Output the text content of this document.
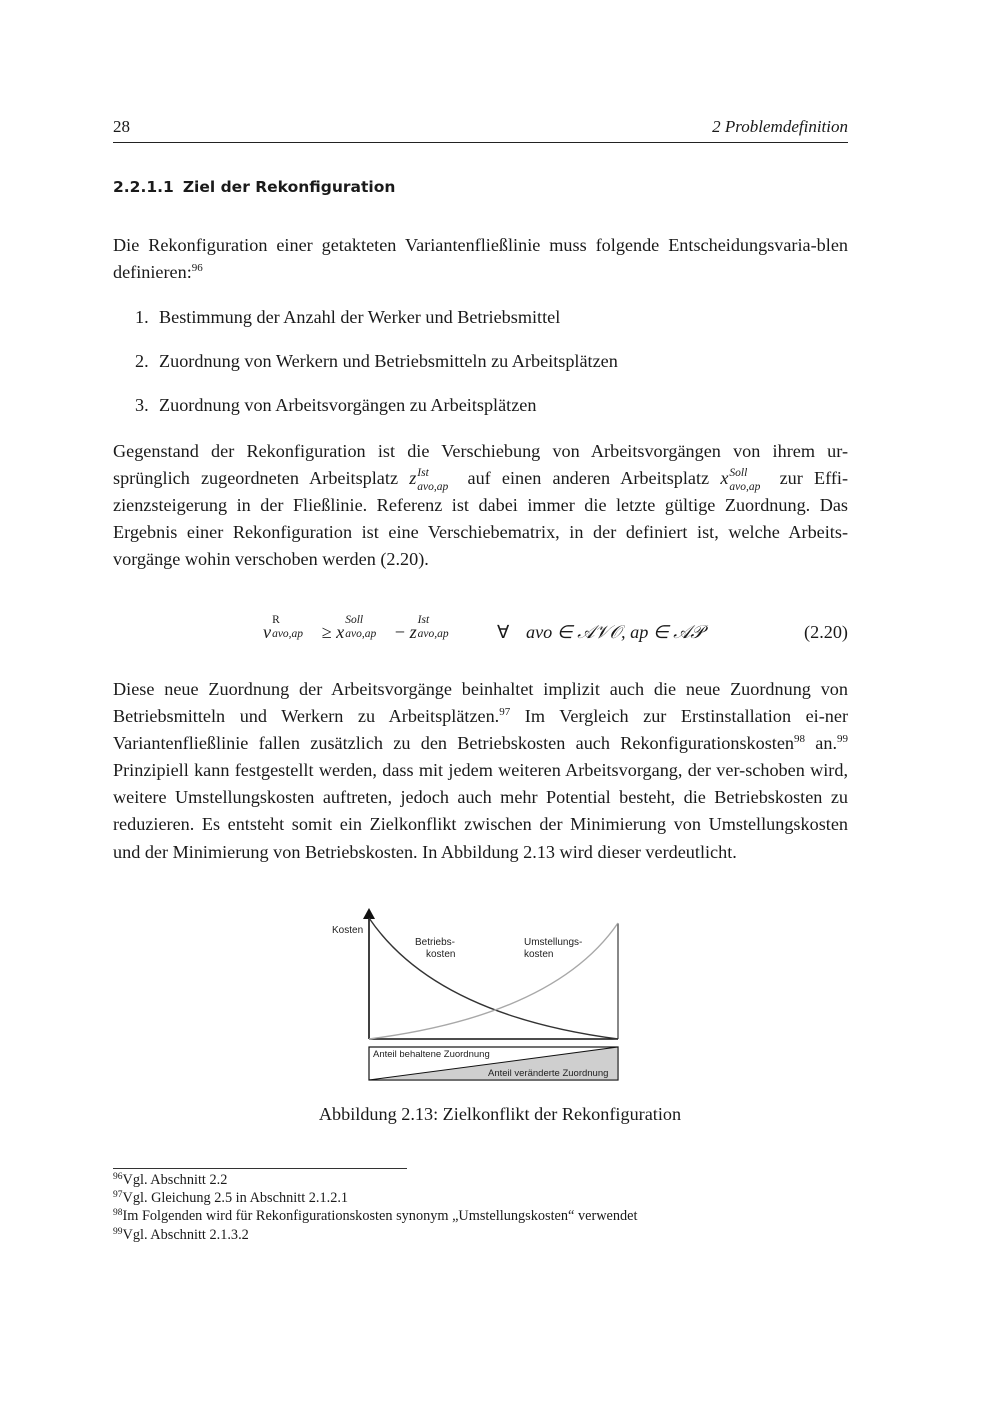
28	2 Problemdefinition
2.2.1.1 Ziel der Rekonfiguration
Die Rekonfiguration einer getakteten Variantenfließlinie muss folgende Entscheidungsvaria-blen definieren:$^{96}$
1. Bestimmung der Anzahl der Werker und Betriebsmittel
2. Zuordnung von Werkern und Betriebsmitteln zu Arbeitsplätzen
3. Zuordnung von Arbeitsvorgängen zu Arbeitsplätzen
Gegenstand der Rekonfiguration ist die Verschiebung von Arbeitsvorgängen von ihrem ur-sprünglich zugeordneten Arbeitsplatz z Ist
avo,ap auf einen anderen Arbeitsplatz x Soll
avo,ap zur Effi-zienzsteigerung in der Fließlinie. Referenz ist dabei immer die letzte gültige Zuordnung. Das Ergebnis einer Rekonfiguration ist eine Verschiebematrix, in der definiert ist, welche Arbeits-vorgänge wohin verschoben werden (2.20).
v
R
avo,ap ≥ x
Soll
avo,ap − z
Ist
avo,ap	∀ avo ∈ 𝒜𝒱𝒪, ap ∈ 𝒜𝒫	(2.20)
Diese neue Zuordnung der Arbeitsvorgänge beinhaltet implizit auch die neue Zuordnung von Betriebsmitteln und Werkern zu Arbeitsplätzen.$^{97}$ Im Vergleich zur Erstinstallation ei-ner Variantenfließlinie fallen zusätzlich zu den Betriebskosten auch Rekonfigurationskosten$^{98}$ an.$^{99}$ Prinzipiell kann festgestellt werden, dass mit jedem weiteren Arbeitsvorgang, der ver-schoben wird, weitere Umstellungskosten auftreten, jedoch auch mehr Potential besteht, die Betriebskosten zu reduzieren. Es entsteht somit ein Zielkonflikt zwischen der Minimierung von Umstellungskosten und der Minimierung von Betriebskosten. In Abbildung 2.13 wird dieser verdeutlicht.
Kosten
Betriebs-
kosten
Umstellungs-
kosten
Anteil behaltene Zuordnung
Anteil veränderte Zuordnung
Abbildung 2.13: Zielkonflikt der Rekonfiguration
$^{96}$Vgl. Abschnitt 2.2
$^{97}$Vgl. Gleichung 2.5 in Abschnitt 2.1.2.1
$^{98}$Im Folgenden wird für Rekonfigurationskosten synonym „Umstellungskosten“ verwendet
$^{99}$Vgl. Abschnitt 2.1.3.2
